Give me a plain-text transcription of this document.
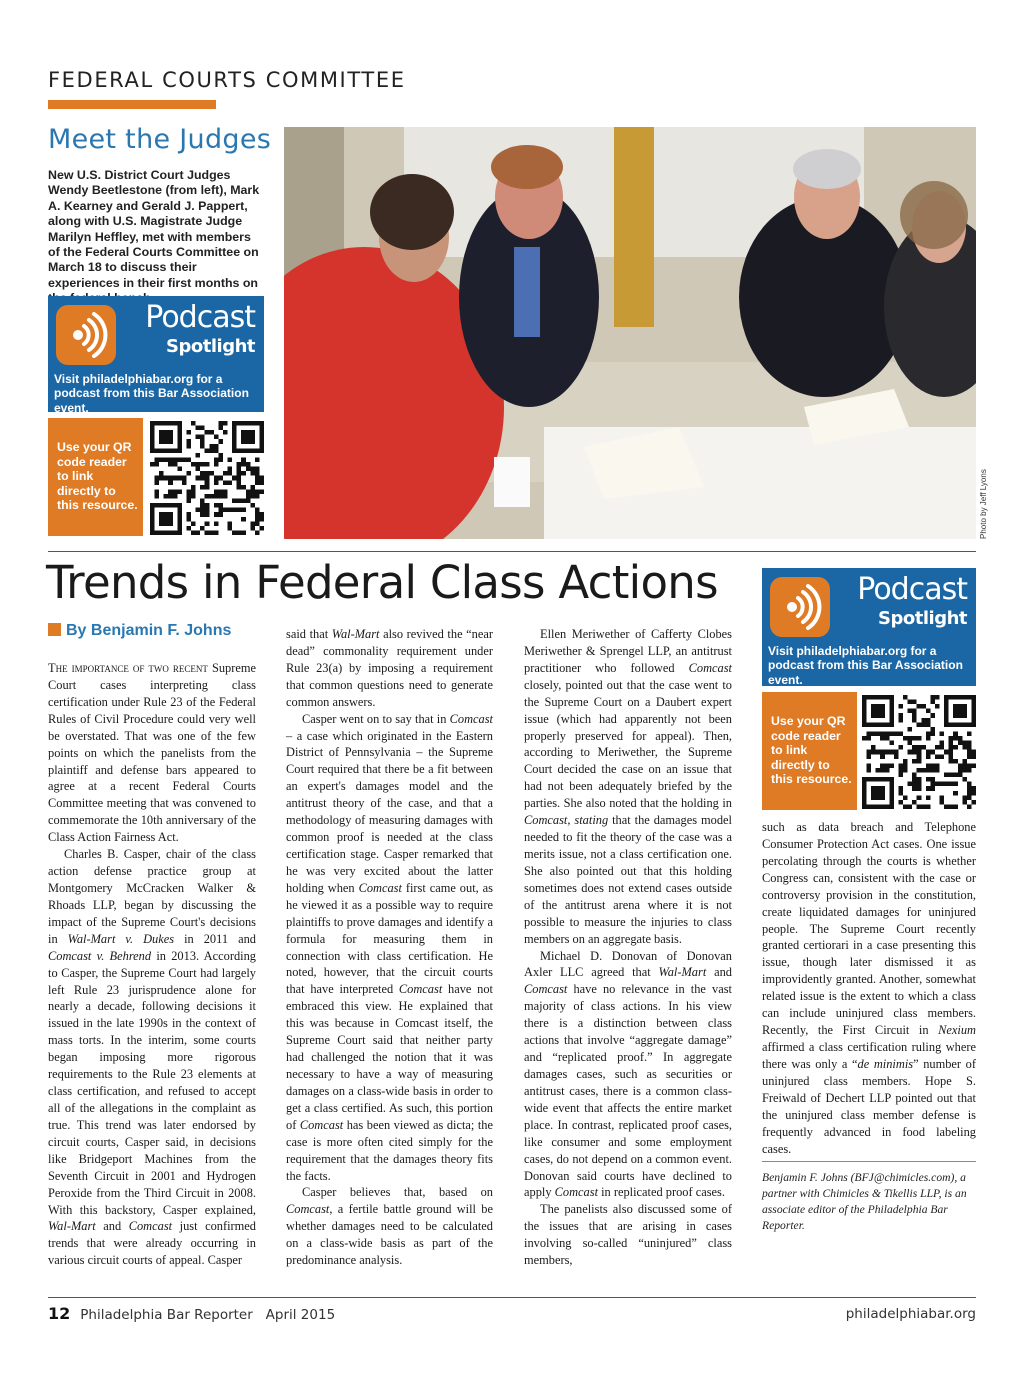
FEDERAL COURTS COMMITTEE
Meet the Judges
New U.S. District Court Judges Wendy Beetlestone (from left), Mark A. Kearney and Gerald J. Pappert, along with U.S. Magistrate Judge Marilyn Heffley, met with members of the Federal Courts Committee on March 18 to discuss their experiences in their first months on
Podcast
Spotlight
Visit philadelphiabar.org for a podcast from this Bar Association event.
Use your QR code reader to link directly to this resource.	Photo by Jeff Lyons
Trends in Federal Class Actions
By Benjamin F. Johns

The importance of two recent Supreme Court cases interpreting class certification under Rule 23 of the Federal Rules of Civil Procedure could very well be overstated. That was one of the few points on which the panelists from the plaintiff and defense bars appeared to agree at a recent Federal Courts Committee meeting that was convened to commemorate the 10th anniversary of the Class Action Fairness Act.

Charles B. Casper, chair of the class action defense practice group at Montgomery McCracken Walker & Rhoads LLP, began by discussing the impact of the Supreme Court's decisions in Wal-Mart v. Dukes in 2011 and Comcast v. Behrend in 2013. According to Casper, the Supreme Court had largely left Rule 23 jurisprudence alone for nearly a decade, following decisions it issued in the late 1990s in the context of mass torts. In the interim, some courts began imposing more rigorous requirements to the Rule 23 elements at class certification, and refused to accept all of the allegations in the complaint as true. This trend was later endorsed by circuit courts, Casper said, in decisions like Bridgeport Machines from the Seventh Circuit in 2001 and Hydrogen Peroxide from the Third Circuit in 2008. With this backstory, Casper explained, Wal-Mart and Comcast just confirmed trends that were already occurring in various circuit courts of appeal. Casper

said that Wal-Mart also revived the “near dead” commonality requirement under Rule 23(a) by imposing a requirement that common questions need to generate common answers.

Casper went on to say that in Comcast – a case which originated in the Eastern District of Pennsylvania – the Supreme Court required that there be a fit between an expert's damages model and the antitrust theory of the case, and that a methodology of measuring damages with common proof is needed at the class certification stage. Casper remarked that he was very excited about the latter holding when Comcast first came out, as he viewed it as a possible way to require plaintiffs to prove damages and identify a formula for measuring them in connection with class certification. He noted, however, that the circuit courts that have interpreted Comcast have not embraced this view. He explained that this was because in Comcast itself, the Supreme Court said that neither party had challenged the notion that it was necessary to have a way of measuring damages on a class-wide basis in order to get a class certified. As such, this portion of Comcast has been viewed as dicta; the case is more often cited simply for the requirement that the damages theory fits the facts.

Casper believes that, based on Comcast, a fertile battle ground will be whether damages need to be calculated on a class-wide basis as part of the predominance analysis.

Ellen Meriwether of Cafferty Clobes Meriwether & Sprengel LLP, an antitrust practitioner who followed Comcast closely, pointed out that the case went to the Supreme Court on a Daubert expert issue (which had apparently not been properly preserved for appeal). Then, according to Meriwether, the Supreme Court decided the case on an issue that had not been adequately briefed by the parties. She also noted that the holding in Comcast, stating that the damages model needed to fit the theory of the case was a merits issue, not a class certification one. She also pointed out that this holding sometimes does not extend cases outside of the antitrust arena where it is not possible to measure the injuries to class members on an aggregate basis.

Michael D. Donovan of Donovan Axler LLC agreed that Wal-Mart and Comcast have no relevance in the vast majority of class actions. In his view there is a distinction between class actions that involve “aggregate damage” and “replicated proof.” In aggregate damages cases, such as securities or antitrust cases, there is a common class-wide event that affects the entire market place. In contrast, replicated proof cases, like consumer and some employment cases, do not depend on a common event. Donovan said courts have declined to apply Comcast in replicated proof cases.

The panelists also discussed some of the issues that are arising in cases involving so-called “uninjured” class members,

Podcast
Spotlight
Visit philadelphiabar.org for a podcast from this Bar Association event.
Use your QR code reader to link directly to this resource.

such as data breach and Telephone Consumer Protection Act cases. One issue percolating through the courts is whether Congress can, consistent with the case or controversy provision in the constitution, create liquidated damages for uninjured people. The Supreme Court recently granted certiorari in a case presenting this issue, though later dismissed it as improvidently granted. Another, somewhat related issue is the extent to which a class can include uninjured class members. Recently, the First Circuit in Nexium affirmed a class certification ruling where there was only a “de minimis” number of uninjured class members. Hope S. Freiwald of Dechert LLP pointed out that the uninjured class member defense is frequently advanced in food labeling cases.

Benjamin F. Johns (BFJ@chimicles.com), a partner with Chimicles & Tikellis LLP, is an associate editor of the Philadelphia Bar Reporter.
12 Philadelphia Bar Reporter   April 2015	philadelphiabar.org
